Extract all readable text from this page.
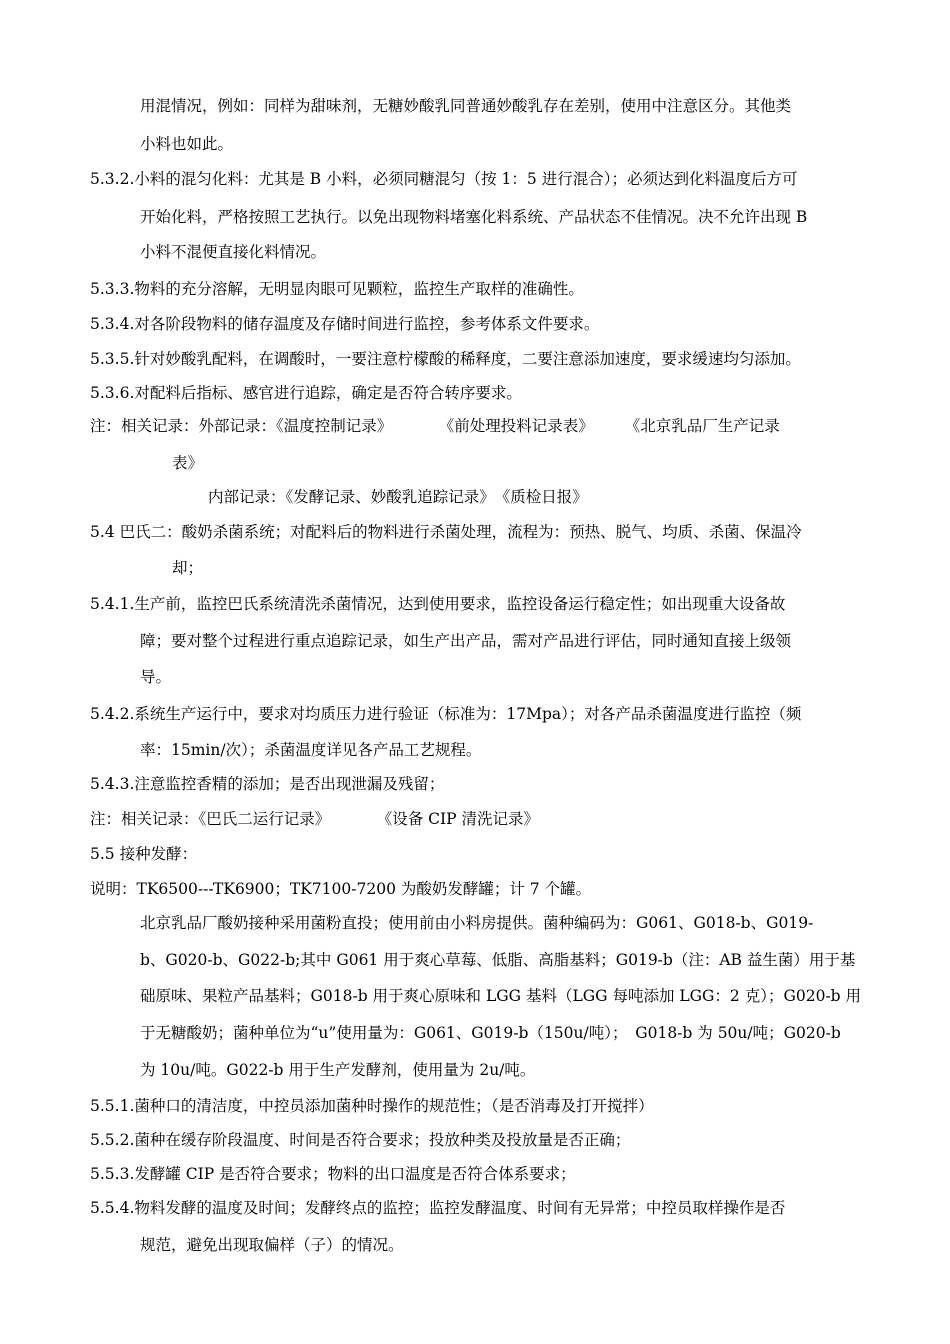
用混情况，例如：同样为甜味剂，无糖妙酸乳同普通妙酸乳存在差别，使用中注意区分。其他类
小料也如此。
5.3.2.小料的混匀化料：尤其是 B 小料，必须同糖混匀（按 1：5 进行混合）；必须达到化料温度后方可
开始化料，严格按照工艺执行。以免出现物料堵塞化料系统、产品状态不佳情况。决不允许出现 B
小料不混便直接化料情况。
5.3.3.物料的充分溶解，无明显肉眼可见颗粒，监控生产取样的准确性。
5.3.4.对各阶段物料的储存温度及存储时间进行监控，参考体系文件要求。
5.3.5.针对妙酸乳配料，在调酸时，一要注意柠檬酸的稀释度，二要注意添加速度，要求缓速均匀添加。
5.3.6.对配料后指标、感官进行追踪，确定是否符合转序要求。
注：相关记录：外部记录：《温度控制记录》　　　　《前处理投料记录表》　　　《北京乳品厂生产记录
表》
内部记录：《发酵记录、妙酸乳追踪记录》　《质检日报》
5.4 巴氏二：酸奶杀菌系统；对配料后的物料进行杀菌处理，流程为：预热、脱气、均质、杀菌、保温冷
却；
5.4.1.生产前，监控巴氏系统清洗杀菌情况，达到使用要求，监控设备运行稳定性；如出现重大设备故
障；要对整个过程进行重点追踪记录，如生产出产品，需对产品进行评估，同时通知直接上级领
导。
5.4.2.系统生产运行中，要求对均质压力进行验证（标准为：17Mpa）；对各产品杀菌温度进行监控（频
率：15min/次）；杀菌温度详见各产品工艺规程。
5.4.3.注意监控香精的添加；是否出现泄漏及残留；
注：相关记录：《巴氏二运行记录》　　　　《设备 CIP 清洗记录》
5.5 接种发酵：
说明：TK6500---TK6900；TK7100-7200 为酸奶发酵罐；计 7 个罐。
北京乳品厂酸奶接种采用菌粉直投；使用前由小料房提供。菌种编码为：G061、G018-b、G019-
b、G020-b、G022-b;其中 G061 用于爽心草莓、低脂、高脂基料；G019-b（注：AB 益生菌）用于基
础原味、果粒产品基料；G018-b 用于爽心原味和 LGG 基料（LGG 每吨添加 LGG：2 克）；G020-b 用
于无糖酸奶；菌种单位为“u”使用量为：G061、G019-b（150u/吨）；　G018-b 为 50u/吨；G020-b
为 10u/吨。G022-b 用于生产发酵剂，使用量为 2u/吨。
5.5.1.菌种口的清洁度，中控员添加菌种时操作的规范性；（是否消毒及打开搅拌）
5.5.2.菌种在缓存阶段温度、时间是否符合要求；投放种类及投放量是否正确；
5.5.3.发酵罐 CIP 是否符合要求；物料的出口温度是否符合体系要求；
5.5.4.物料发酵的温度及时间；发酵终点的监控；监控发酵温度、时间有无异常；中控员取样操作是否
规范，避免出现取偏样（子）的情况。
